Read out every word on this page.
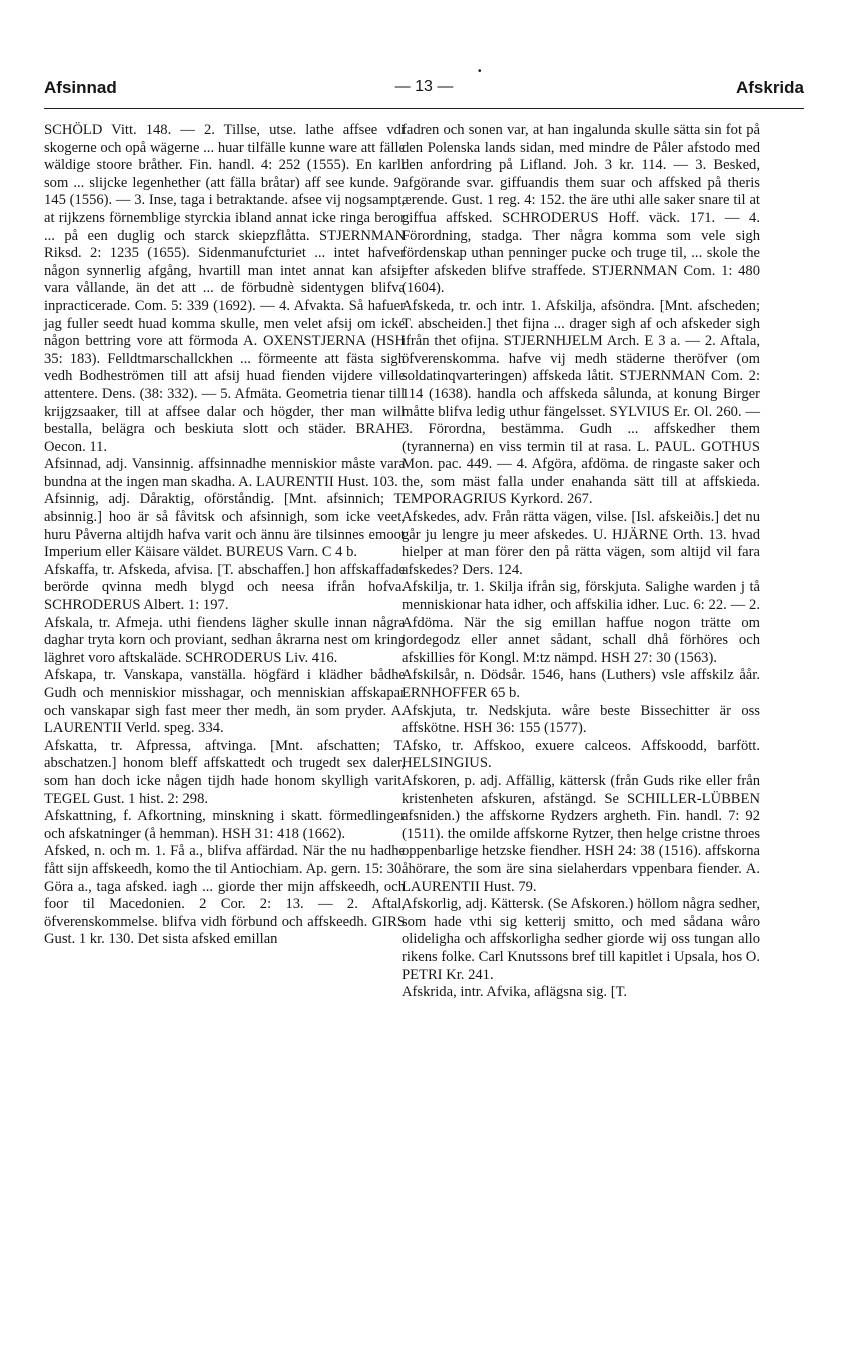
Afsinnad	— 13 —
•
Afskrida

SCHÖLD Vitt. 148. — 2. Tillse, utse. lathe affsee vdi skogerne och opå wägerne ... huar tilfälle kunne ware att fälle wäldige stoore bråther. Fin. handl. 4: 252 (1555). En karll som ... slijcke legenhether (att fälla bråtar) aff see kunde. 9: 145 (1556). — 3. Inse, taga i betraktande. afsee vij nogsampt, at rijkzens förnemblige styrckia ibland annat icke ringa beror ... på een duglig och starck skiepzflåtta. STJERNMAN Riksd. 2: 1235 (1655). Sidenmanufcturiet ... intet hafver någon synnerlig afgång, hvartill man intet annat kan afsij vara vållande, än det att ... de förbudnè sidentygen blifva inpracticerade. Com. 5: 339 (1692). — 4. Afvakta. Så hafuer jag fuller seedt huad komma skulle, men velet afsij om icke någon bettring vore att förmoda A. OXENSTJERNA (HSH 35: 183). Felldtmarschallckhen ... förmeente att fästa sigh vedh Bodheströmen till att afsij huad fienden vijdere ville attentere. Dens. (38: 332). — 5. Afmäta. Geometria tienar till krijgzsaaker, till at affsee dalar och högder, ther man will bestalla, belägra och beskiuta slott och städer. BRAHE Oecon. 11.

Afsinnad, adj. Vansinnig. affsinnadhe menniskior måste vara bundna at the ingen man skadha. A. LAURENTII Hust. 103.

Afsinnig, adj. Dåraktig, oförståndig. [Mnt. afsinnich; T. absinnig.] hoo är så fåvitsk och afsinnigh, som icke veet, huru Påverna altijdh hafva varit och ännu äre tilsinnes emoot Imperium eller Käisare väldet. BUREUS Varn. C 4 b.

Afskaffa, tr. Afskeda, afvisa. [T. abschaffen.] hon affskaffade berörde qvinna medh blygd och neesa ifrån hofva. SCHRODERUS Albert. 1: 197.

Afskala, tr. Afmeja. uthi fiendens lägher skulle innan några daghar tryta korn och proviant, sedhan åkrarna nest om kring läghret voro aftskaläde. SCHRODERUS Liv. 416.

Afskapa, tr. Vanskapa, vanställa. högfärd i klädher bådhe Gudh och menniskior misshagar, och menniskian affskapar och vanskapar sigh fast meer ther medh, än som pryder. A. LAURENTII Verld. speg. 334.

Afskatta, tr. Afpressa, aftvinga. [Mnt. afschatten; T. abschatzen.] honom bleff affskattedt och trugedt sex daler, som han doch icke någen tijdh hade honom skylligh varit. TEGEL Gust. 1 hist. 2: 298.

Afskattning, f. Afkortning, minskning i skatt. förmedlinger och afskatninger (å hemman). HSH 31: 418 (1662).

Afsked, n. och m. 1. Få a., blifva affärdad. När the nu hadhe fått sijn affskeedh, komo the til Antiochiam. Ap. gern. 15: 30. Göra a., taga afsked. iagh ... giorde ther mijn affskeedh, och foor til Macedonien. 2 Cor. 2: 13. — 2. Aftal, öfverenskommelse. blifva vidh förbund och affskeedh. GIRS Gust. 1 kr. 130. Det sista afsked emillan

fadren och sonen var, at han ingalunda skulle sätta sin fot på den Polenska lands sidan, med mindre de Påler afstodo med den anfordring på Lifland. Joh. 3 kr. 114. — 3. Besked, afgörande svar. giffuandis them suar och affsked på theris ærende. Gust. 1 reg. 4: 152. the äre uthi alle saker snare til at giffua affsked. SCHRODERUS Hoff. väck. 171. — 4. Förordning, stadga. Ther några komma som vele sigh fördenskap uthan penninger pucke och truge til, ... skole the efter afskeden blifve straffede. STJERNMAN Com. 1: 480 (1604).

Afskeda, tr. och intr. 1. Afskilja, afsöndra. [Mnt. afscheden; T. abscheiden.] thet fijna ... drager sigh af och afskeder sigh ifrån thet ofijna. STJERNHJELM Arch. E 3 a. — 2. Aftala, öfverenskomma. hafve vij medh städerne theröfver (om soldatinqvarteringen) affskeda låtit. STJERNMAN Com. 2: 114 (1638). handla och affskeda sålunda, at konung Birger måtte blifva ledig uthur fängelsset. SYLVIUS Er. Ol. 260. — 3. Förordna, bestämma. Gudh ... affskedher them (tyrannerna) en viss termin til at rasa. L. PAUL. GOTHUS Mon. pac. 449. — 4. Afgöra, afdöma. de ringaste saker och the, som mäst falla under enahanda sätt till at affskieda. EMPORAGRIUS Kyrkord. 267.

Afskedes, adv. Från rätta vägen, vilse. [Isl. afskeiðis.] det nu går ju lengre ju meer afskedes. U. HJÄRNE Orth. 13. hvad hielper at man förer den på rätta vägen, som altijd vil fara afskedes? Ders. 124.

Afskilja, tr. 1. Skilja ifrån sig, förskjuta. Salighe warden j tå menniskionar hata idher, och affskilia idher. Luc. 6: 22. — 2. Afdöma. När the sig emillan haffue nogon trätte om jordegodz eller annet sådant, schall dhå förhöres och afskillies för Kongl. M:tz nämpd. HSH 27: 30 (1563).

Afskilsår, n. Dödsår. 1546, hans (Luthers) vsle affskilz åår. ERNHOFFER 65 b.

Afskjuta, tr. Nedskjuta. wåre beste Bissechitter är oss affskötne. HSH 36: 155 (1577).

Afsko, tr. Affskoo, exuere calceos. Affskoodd, barfött. HELSINGIUS.

Afskoren, p. adj. Affällig, kättersk (från Guds rike eller från kristenheten afskuren, afstängd. Se SCHILLER-LÜBBEN afsniden.) the affskorne Rydzers argheth. Fin. handl. 7: 92 (1511). the omilde affskorne Rytzer, then helge cristne throes oppenbarlige hetzske fiendher. HSH 24: 38 (1516). affskorna åhörare, the som äre sina sielaherdars vppenbara fiender. A. LAURENTII Hust. 79.

Afskorlig, adj. Kättersk. (Se Afskoren.) höllom några sedher, som hade vthi sig ketterij smitto, och med sådana wåro olidelighа och affskorligha sedher giorde wij oss tungan allo rikens folke. Carl Knutssons bref till kapitlet i Upsala, hos O. PETRI Kr. 241.

Afskrida, intr. Afvika, aflägsna sig. [T.
